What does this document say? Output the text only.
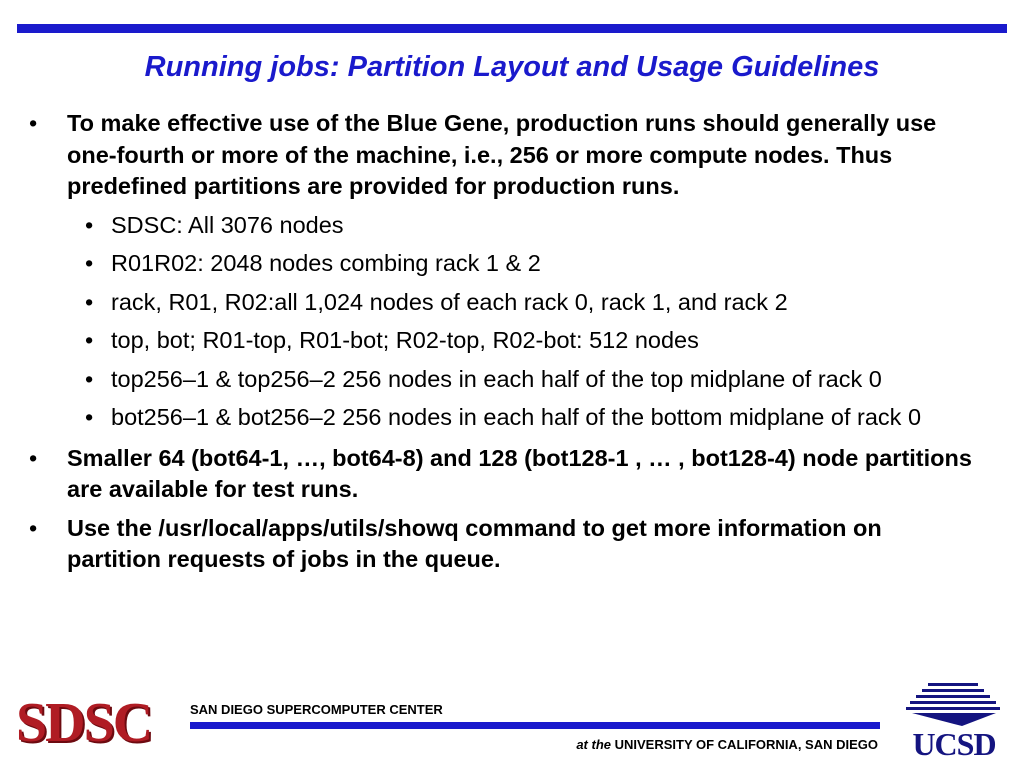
Running jobs: Partition Layout and Usage Guidelines
• To make effective use of the Blue Gene, production runs should generally use one-fourth or more of the machine, i.e., 256 or more compute nodes. Thus predefined partitions are provided for production runs.
• SDSC: All 3076 nodes
• R01R02: 2048 nodes combing rack 1 & 2
• rack, R01, R02:all 1,024 nodes of each rack 0, rack 1, and rack 2
• top, bot; R01-top, R01-bot; R02-top, R02-bot: 512 nodes
• top256–1 & top256–2 256 nodes in each half of the top midplane of rack 0
• bot256–1 & bot256–2 256 nodes in each half of the bottom midplane of rack 0
• Smaller 64 (bot64-1, …, bot64-8) and 128 (bot128-1 , … , bot128-4) node partitions are available for test runs.
• Use the /usr/local/apps/utils/showq command to get more information on partition requests of jobs in the queue.
SDSC	SAN DIEGO SUPERCOMPUTER CENTER
at the UNIVERSITY OF CALIFORNIA, SAN DIEGO UCSD
